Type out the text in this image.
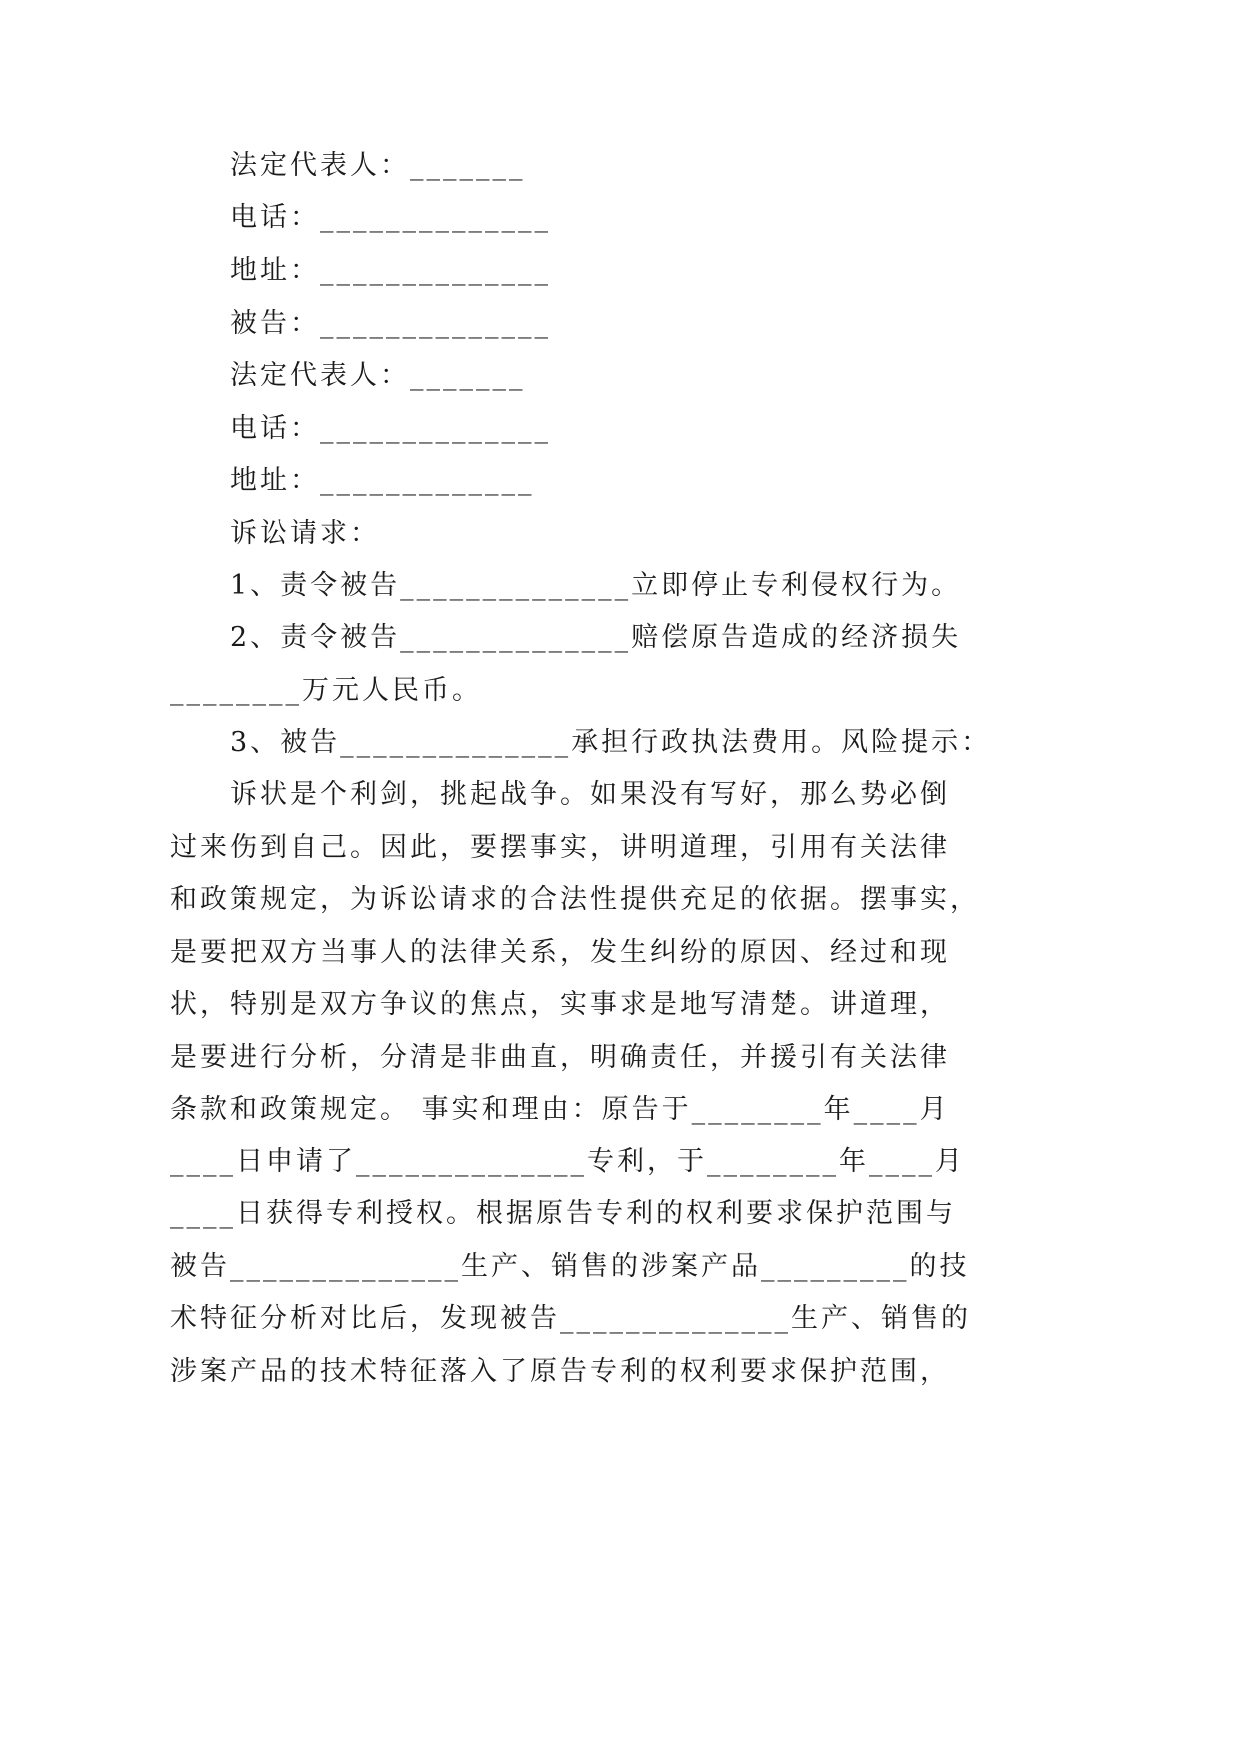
法定代表人：_______
电话：______________
地址：______________
被告：______________
法定代表人：_______
电话：______________
地址：_____________
诉讼请求：
1、责令被告______________立即停止专利侵权行为。
2、责令被告______________赔偿原告造成的经济损失
________万元人民币。
3、被告______________承担行政执法费用。风险提示：
诉状是个利剑，挑起战争。如果没有写好，那么势必倒
过来伤到自己。因此，要摆事实，讲明道理，引用有关法律
和政策规定，为诉讼请求的合法性提供充足的依据。摆事实，
是要把双方当事人的法律关系，发生纠纷的原因、经过和现
状，特别是双方争议的焦点，实事求是地写清楚。讲道理，
是要进行分析，分清是非曲直，明确责任，并援引有关法律
条款和政策规定。 事实和理由：原告于________年____月
____日申请了______________专利，于________年____月
____日获得专利授权。根据原告专利的权利要求保护范围与
被告______________生产、销售的涉案产品_________的技
术特征分析对比后，发现被告______________生产、销售的
涉案产品的技术特征落入了原告专利的权利要求保护范围，
